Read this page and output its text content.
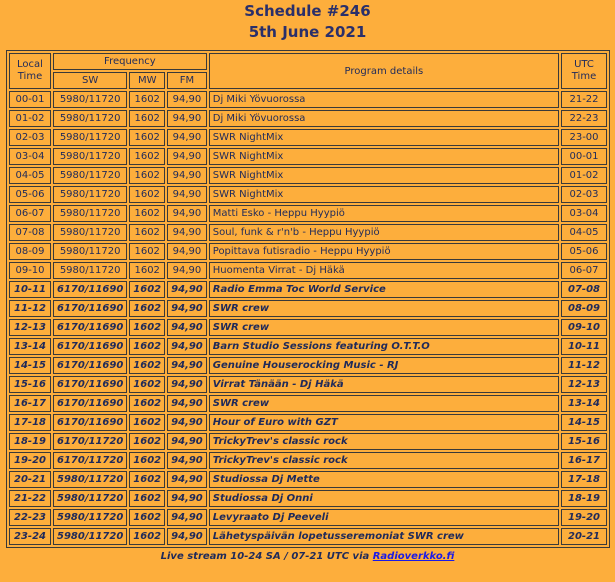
Schedule #246
5th June 2021
Local Time	Frequency			Program details	UTC Time
	SW	MW	FM		
00-01	5980/11720	1602	94,90	Dj Miki Yövuorossa	21-22
01-02	5980/11720	1602	94,90	Dj Miki Yövuorossa	22-23
02-03	5980/11720	1602	94,90	SWR NightMix	23-00
03-04	5980/11720	1602	94,90	SWR NightMix	00-01
04-05	5980/11720	1602	94,90	SWR NightMix	01-02
05-06	5980/11720	1602	94,90	SWR NightMix	02-03
06-07	5980/11720	1602	94,90	Matti Esko - Heppu Hyypiö	03-04
07-08	5980/11720	1602	94,90	Soul, funk & r'n'b - Heppu Hyypiö	04-05
08-09	5980/11720	1602	94,90	Popittava futisradio - Heppu Hyypiö	05-06
09-10	5980/11720	1602	94,90	Huomenta Virrat - Dj Häkä	06-07
10-11	6170/11690	1602	94,90	Radio Emma Toc World Service	07-08
11-12	6170/11690	1602	94,90	SWR crew	08-09
12-13	6170/11690	1602	94,90	SWR crew	09-10
13-14	6170/11690	1602	94,90	Barn Studio Sessions featuring O.T.T.O	10-11
14-15	6170/11690	1602	94,90	Genuine Houserocking Music - RJ	11-12
15-16	6170/11690	1602	94,90	Virrat Tänään - Dj Häkä	12-13
16-17	6170/11690	1602	94,90	SWR crew	13-14
17-18	6170/11690	1602	94,90	Hour of Euro with GZT	14-15
18-19	6170/11720	1602	94,90	TrickyTrev's classic rock	15-16
19-20	6170/11720	1602	94,90	TrickyTrev's classic rock	16-17
20-21	5980/11720	1602	94,90	Studiossa Dj Mette	17-18
21-22	5980/11720	1602	94,90	Studiossa Dj Onni	18-19
22-23	5980/11720	1602	94,90	Levyraato Dj Peeveli	19-20
23-24	5980/11720	1602	94,90	Lähetyspäivän lopetusseremoniat SWR crew	20-21
Live stream 10-24 SA / 07-21 UTC via Radioverkko.fi
